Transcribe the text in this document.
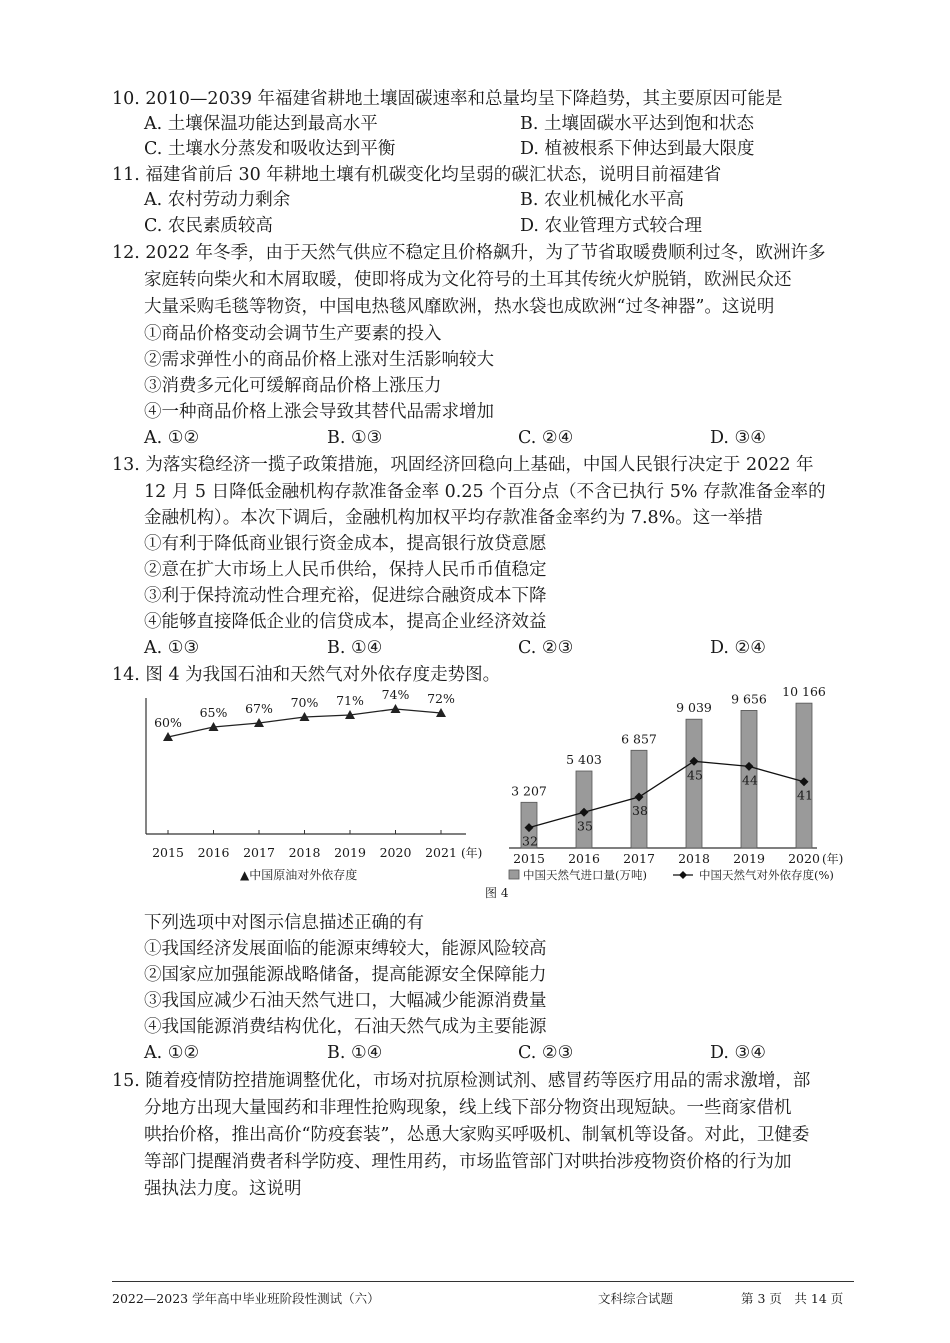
10. 2010—2039 年福建省耕地土壤固碳速率和总量均呈下降趋势，其主要原因可能是
A. 土壤保温功能达到最高水平	B. 土壤固碳水平达到饱和状态
C. 土壤水分蒸发和吸收达到平衡	D. 植被根系下伸达到最大限度
11. 福建省前后 30 年耕地土壤有机碳变化均呈弱的碳汇状态，说明目前福建省
A. 农村劳动力剩余	B. 农业机械化水平高
C. 农民素质较高	D. 农业管理方式较合理
12. 2022 年冬季，由于天然气供应不稳定且价格飙升，为了节省取暖费顺利过冬，欧洲许多
家庭转向柴火和木屑取暖，使即将成为文化符号的土耳其传统火炉脱销，欧洲民众还
大量采购毛毯等物资，中国电热毯风靡欧洲，热水袋也成欧洲“过冬神器”。这说明
①商品价格变动会调节生产要素的投入
②需求弹性小的商品价格上涨对生活影响较大
③消费多元化可缓解商品价格上涨压力
④一种商品价格上涨会导致其替代品需求增加
A. ①②	B. ①③	C. ②④	D. ③④
13. 为落实稳经济一揽子政策措施，巩固经济回稳向上基础，中国人民银行决定于 2022 年
12 月 5 日降低金融机构存款准备金率 0.25 个百分点（不含已执行 5% 存款准备金率的
金融机构）。本次下调后，金融机构加权平均存款准备金率约为 7.8%。这一举措
①有利于降低商业银行资金成本，提高银行放贷意愿
②意在扩大市场上人民币供给，保持人民币币值稳定
③利于保持流动性合理充裕，促进综合融资成本下降
④能够直接降低企业的信贷成本，提高企业经济效益
A. ①③	B. ①④	C. ②③	D. ②④
14. 图 4 为我国石油和天然气对外依存度走势图。
60%
2015
65%
2016
67%
2017
70%
2018
71%
2019
74%
2020
72%
2021 (年)
▲中国原油对外依存度
3 207
2015
5 403
2016
6 857
2017
9 039
2018
9 656
2019
10 166
2020
32
35
38
45	44
41
(年)
中国天然气进口量(万吨)	中国天然气对外依存度(%)
图 4
下列选项中对图示信息描述正确的有
①我国经济发展面临的能源束缚较大，能源风险较高
②国家应加强能源战略储备，提高能源安全保障能力
③我国应减少石油天然气进口，大幅减少能源消费量
④我国能源消费结构优化，石油天然气成为主要能源
A. ①②	B. ①④	C. ②③	D. ③④
15. 随着疫情防控措施调整优化，市场对抗原检测试剂、感冒药等医疗用品的需求激增，部
分地方出现大量囤药和非理性抢购现象，线上线下部分物资出现短缺。一些商家借机
哄抬价格，推出高价“防疫套装”，怂恿大家购买呼吸机、制氧机等设备。对此，卫健委
等部门提醒消费者科学防疫、理性用药，市场监管部门对哄抬涉疫物资价格的行为加
强执法力度。这说明
2022—2023 学年高中毕业班阶段性测试（六）	文科综合试题	第 3 页　共 14 页
